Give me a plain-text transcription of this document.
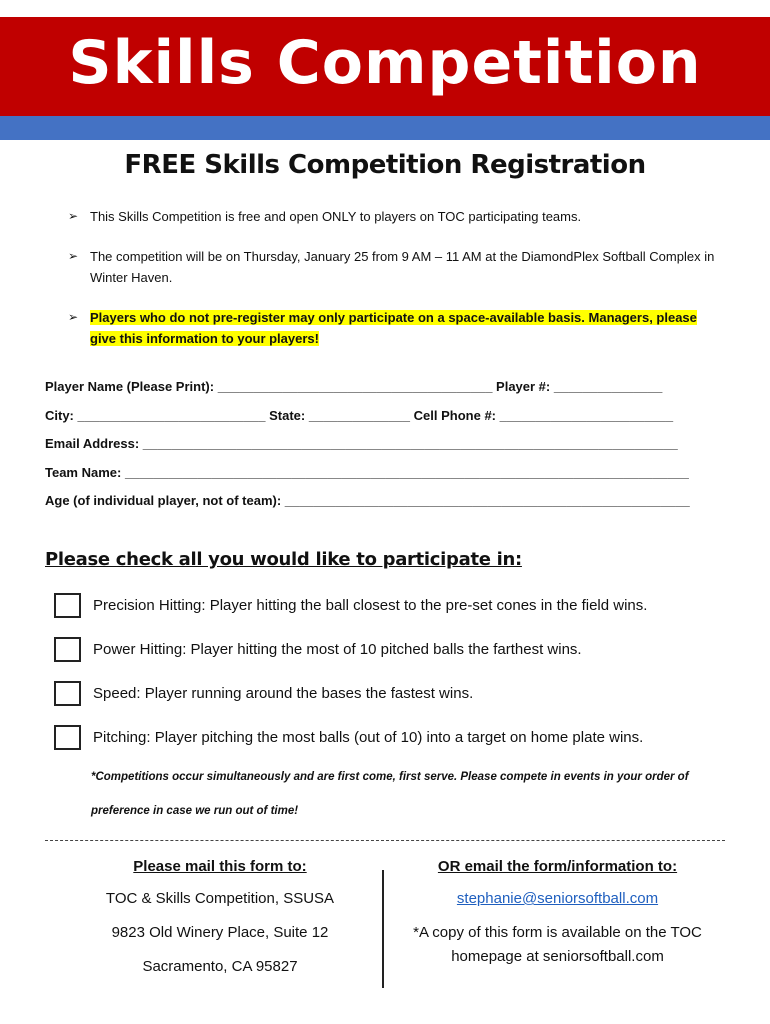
Skills Competition
FREE Skills Competition Registration
➢ This Skills Competition is free and open ONLY to players on TOC participating teams.
➢ The competition will be on Thursday, January 25 from 9 AM – 11 AM at the DiamondPlex Softball Complex in Winter Haven.
➢ Players who do not pre-register may only participate on a space-available basis. Managers, please give this information to your players!
Player Name (Please Print): ______________________________________ Player #: _______________
City: __________________________ State: ______________ Cell Phone #: ________________________
Email Address: __________________________________________________________________________
Team Name: ______________________________________________________________________________
Age (of individual player, not of team): ________________________________________________________
Please check all you would like to participate in:
Precision Hitting: Player hitting the ball closest to the pre-set cones in the field wins.
Power Hitting: Player hitting the most of 10 pitched balls the farthest wins.
Speed: Player running around the bases the fastest wins.
Pitching: Player pitching the most balls (out of 10) into a target on home plate wins.
*Competitions occur simultaneously and are first come, first serve. Please compete in events in your order of preference in case we run out of time!
Please mail this form to:
TOC & Skills Competition, SSUSA
9823 Old Winery Place, Suite 12
Sacramento, CA 95827
OR email the form/information to:
stephanie@seniorsoftball.com
*A copy of this form is available on the TOC homepage at seniorsoftball.com
